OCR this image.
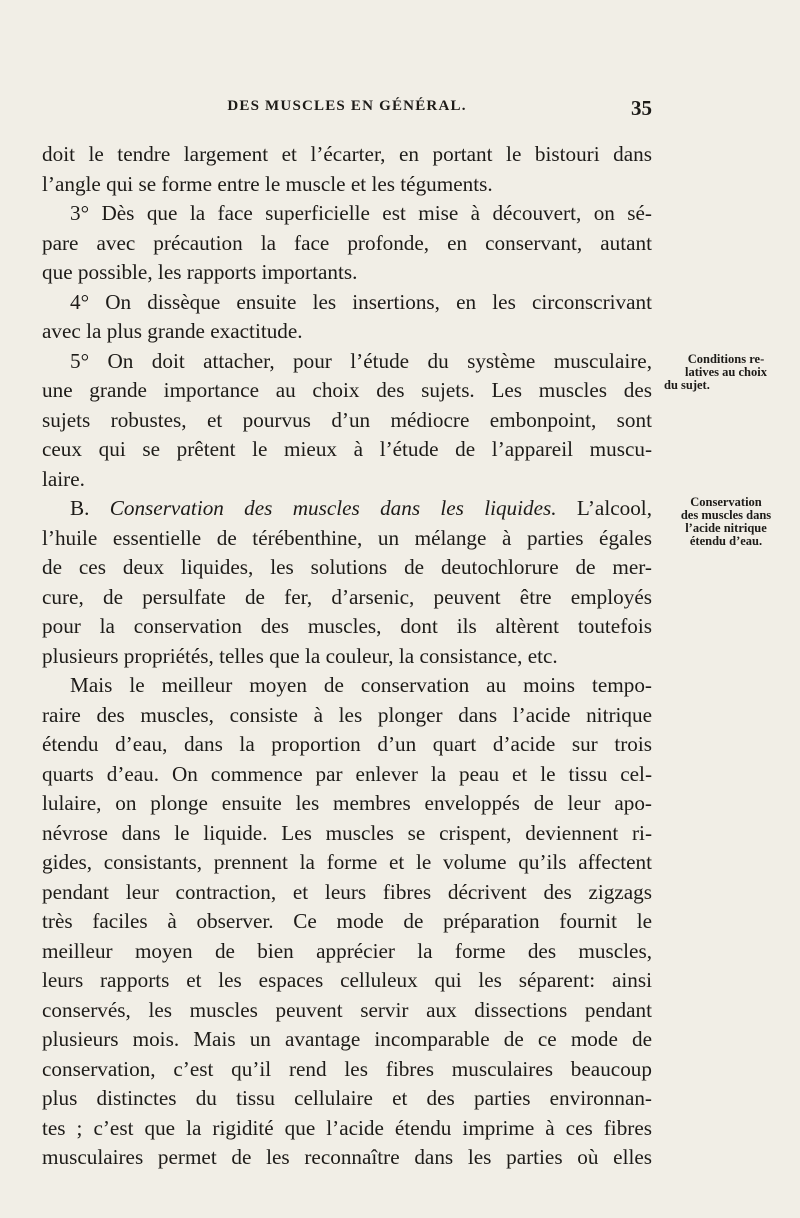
DES MUSCLES EN GÉNÉRAL.	35
doit le tendre largement et l’écarter, en portant le bistouri dans
l’angle qui se forme entre le muscle et les téguments.
3° Dès que la face superficielle est mise à découvert, on sé-
pare avec précaution la face profonde, en conservant, autant
que possible, les rapports importants.
4° On dissèque ensuite les insertions, en les circonscrivant
avec la plus grande exactitude.
5° On doit attacher, pour l’étude du système musculaire,
une grande importance au choix des sujets. Les muscles des
sujets robustes, et pourvus d’un médiocre embonpoint, sont
ceux qui se prêtent le mieux à l’étude de l’appareil muscu-
laire.
B. Conservation des muscles dans les liquides. L’alcool,
l’huile essentielle de térébenthine, un mélange à parties égales
de ces deux liquides, les solutions de deutochlorure de mer-
cure, de persulfate de fer, d’arsenic, peuvent être employés
pour la conservation des muscles, dont ils altèrent toutefois
plusieurs propriétés, telles que la couleur, la consistance, etc.
Mais le meilleur moyen de conservation au moins tempo-
raire des muscles, consiste à les plonger dans l’acide nitrique
étendu d’eau, dans la proportion d’un quart d’acide sur trois
quarts d’eau. On commence par enlever la peau et le tissu cel-
lulaire, on plonge ensuite les membres enveloppés de leur apo-
névrose dans le liquide. Les muscles se crispent, deviennent ri-
gides, consistants, prennent la forme et le volume qu’ils affectent
pendant leur contraction, et leurs fibres décrivent des zigzags
très faciles à observer. Ce mode de préparation fournit le
meilleur moyen de bien apprécier la forme des muscles,
leurs rapports et les espaces celluleux qui les séparent: ainsi
conservés, les muscles peuvent servir aux dissections pendant
plusieurs mois. Mais un avantage incomparable de ce mode de
conservation, c’est qu’il rend les fibres musculaires beaucoup
plus distinctes du tissu cellulaire et des parties environnan-
tes ; c’est que la rigidité que l’acide étendu imprime à ces fibres
musculaires permet de les reconnaître dans les parties où elles
Conditions re-
latives au choix
du sujet.
Conservation
des muscles dans
l’acide nitrique
étendu d’eau.
